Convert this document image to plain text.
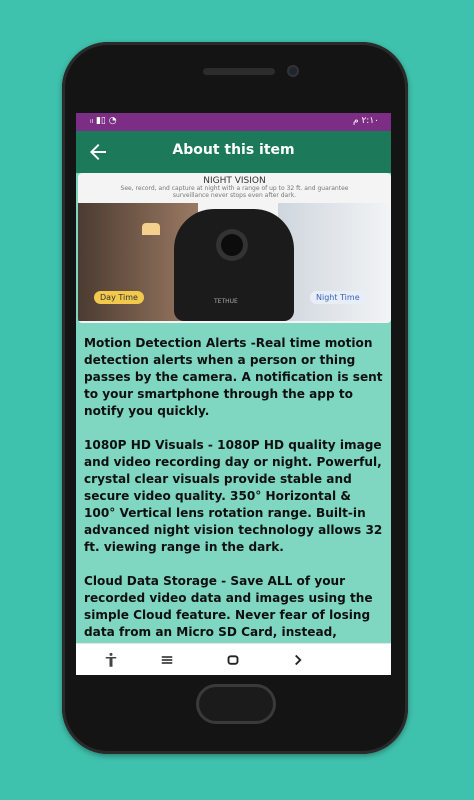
ᵢₗ ▮▯ ◔	٢:١٠ م
About this item
NIGHT VISION
See, record, and capture at night with a range of up to 32 ft. and guarantee surveillance never stops even after dark.
Day Time	Night Time
TETHUE

Motion Detection Alerts -Real time motion detection alerts when a person or thing passes by the camera. A notification is sent to your smartphone through the app to notify you quickly.

1080P HD Visuals - 1080P HD quality image and video recording day or night. Powerful, crystal clear visuals provide stable and secure video quality. 350° Horizontal & 100° Vertical lens rotation range. Built-in advanced night vision technology allows 32 ft. viewing range in the dark.

Cloud Data Storage - Save ALL of your recorded video data and images using the simple Cloud feature. Never fear of losing data from an Micro SD Card, instead,
